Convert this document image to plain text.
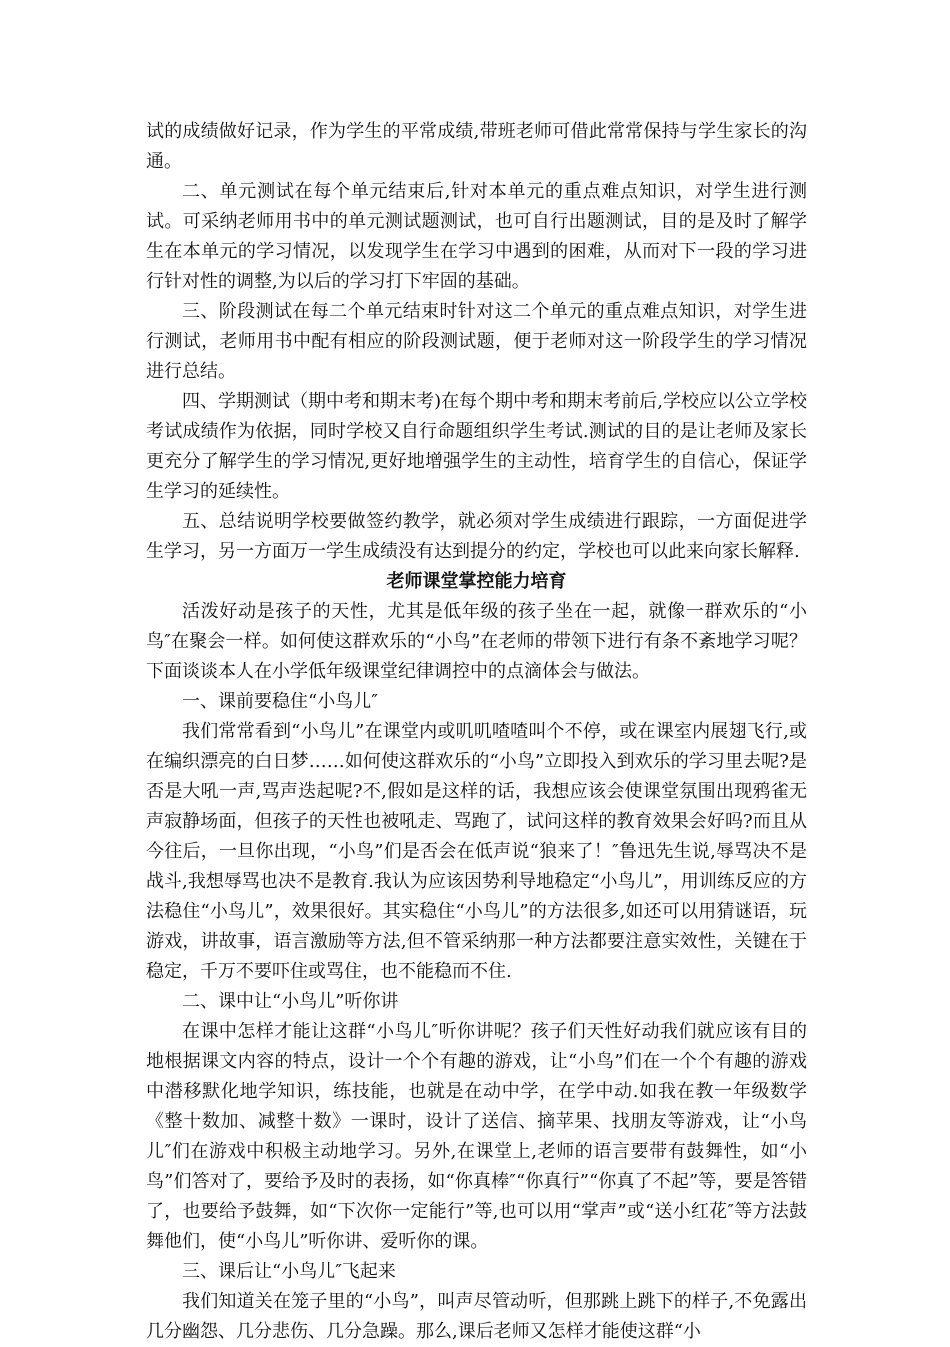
试的成绩做好记录，作为学生的平常成绩,带班老师可借此常常保持与学生家长的沟通。

二、单元测试在每个单元结束后,针对本单元的重点难点知识，对学生进行测试。可采纳老师用书中的单元测试题测试，也可自行出题测试，目的是及时了解学生在本单元的学习情况，以发现学生在学习中遇到的困难，从而对下一段的学习进行针对性的调整,为以后的学习打下牢固的基础。

三、阶段测试在每二个单元结束时针对这二个单元的重点难点知识，对学生进行测试，老师用书中配有相应的阶段测试题，便于老师对这一阶段学生的学习情况进行总结。

四、学期测试（期中考和期末考)在每个期中考和期末考前后,学校应以公立学校考试成绩作为依据，同时学校又自行命题组织学生考试.测试的目的是让老师及家长更充分了解学生的学习情况,更好地增强学生的主动性，培育学生的自信心，保证学生学习的延续性。

五、总结说明学校要做签约教学，就必须对学生成绩进行跟踪，一方面促进学生学习，另一方面万一学生成绩没有达到提分的约定，学校也可以此来向家长解释.

老师课堂掌控能力培育

活泼好动是孩子的天性，尤其是低年级的孩子坐在一起，就像一群欢乐的“小鸟″在聚会一样。如何使这群欢乐的“小鸟”在老师的带领下进行有条不紊地学习呢？下面谈谈本人在小学低年级课堂纪律调控中的点滴体会与做法。

一、课前要稳住“小鸟儿″

我们常常看到“小鸟儿”在课堂内或叽叽喳喳叫个不停，或在课室内展翅飞行,或在编织漂亮的白日梦……如何使这群欢乐的“小鸟”立即投入到欢乐的学习里去呢?是否是大吼一声,骂声迭起呢?不,假如是这样的话，我想应该会使课堂氛围出现鸦雀无声寂静场面，但孩子的天性也被吼走、骂跑了，试问这样的教育效果会好吗?而且从今往后，一旦你出现，“小鸟”们是否会在低声说“狼来了！″鲁迅先生说,辱骂决不是战斗,我想辱骂也决不是教育.我认为应该因势利导地稳定“小鸟儿”，用训练反应的方法稳住“小鸟儿”，效果很好。其实稳住“小鸟儿”的方法很多,如还可以用猜谜语，玩游戏，讲故事，语言激励等方法,但不管采纳那一种方法都要注意实效性，关键在于稳定，千万不要吓住或骂住，也不能稳而不住.

二、课中让“小鸟儿”听你讲

在课中怎样才能让这群“小鸟儿″听你讲呢？孩子们天性好动我们就应该有目的地根据课文内容的特点，设计一个个有趣的游戏，让“小鸟”们在一个个有趣的游戏中潜移默化地学知识，练技能，也就是在动中学，在学中动.如我在教一年级数学《整十数加、减整十数》一课时，设计了送信、摘苹果、找朋友等游戏，让“小鸟儿″们在游戏中积极主动地学习。另外,在课堂上,老师的语言要带有鼓舞性，如“小鸟”们答对了，要给予及时的表扬，如“你真棒″“你真行”“你真了不起”等，要是答错了，也要给予鼓舞，如“下次你一定能行”等,也可以用“掌声”或“送小红花″等方法鼓舞他们，使“小鸟儿”听你讲、爱听你的课。

三、课后让“小鸟儿″飞起来

我们知道关在笼子里的“小鸟”，叫声尽管动听，但那跳上跳下的样子,不免露出几分幽怨、几分悲伤、几分急躁。那么,课后老师又怎样才能使这群“小
